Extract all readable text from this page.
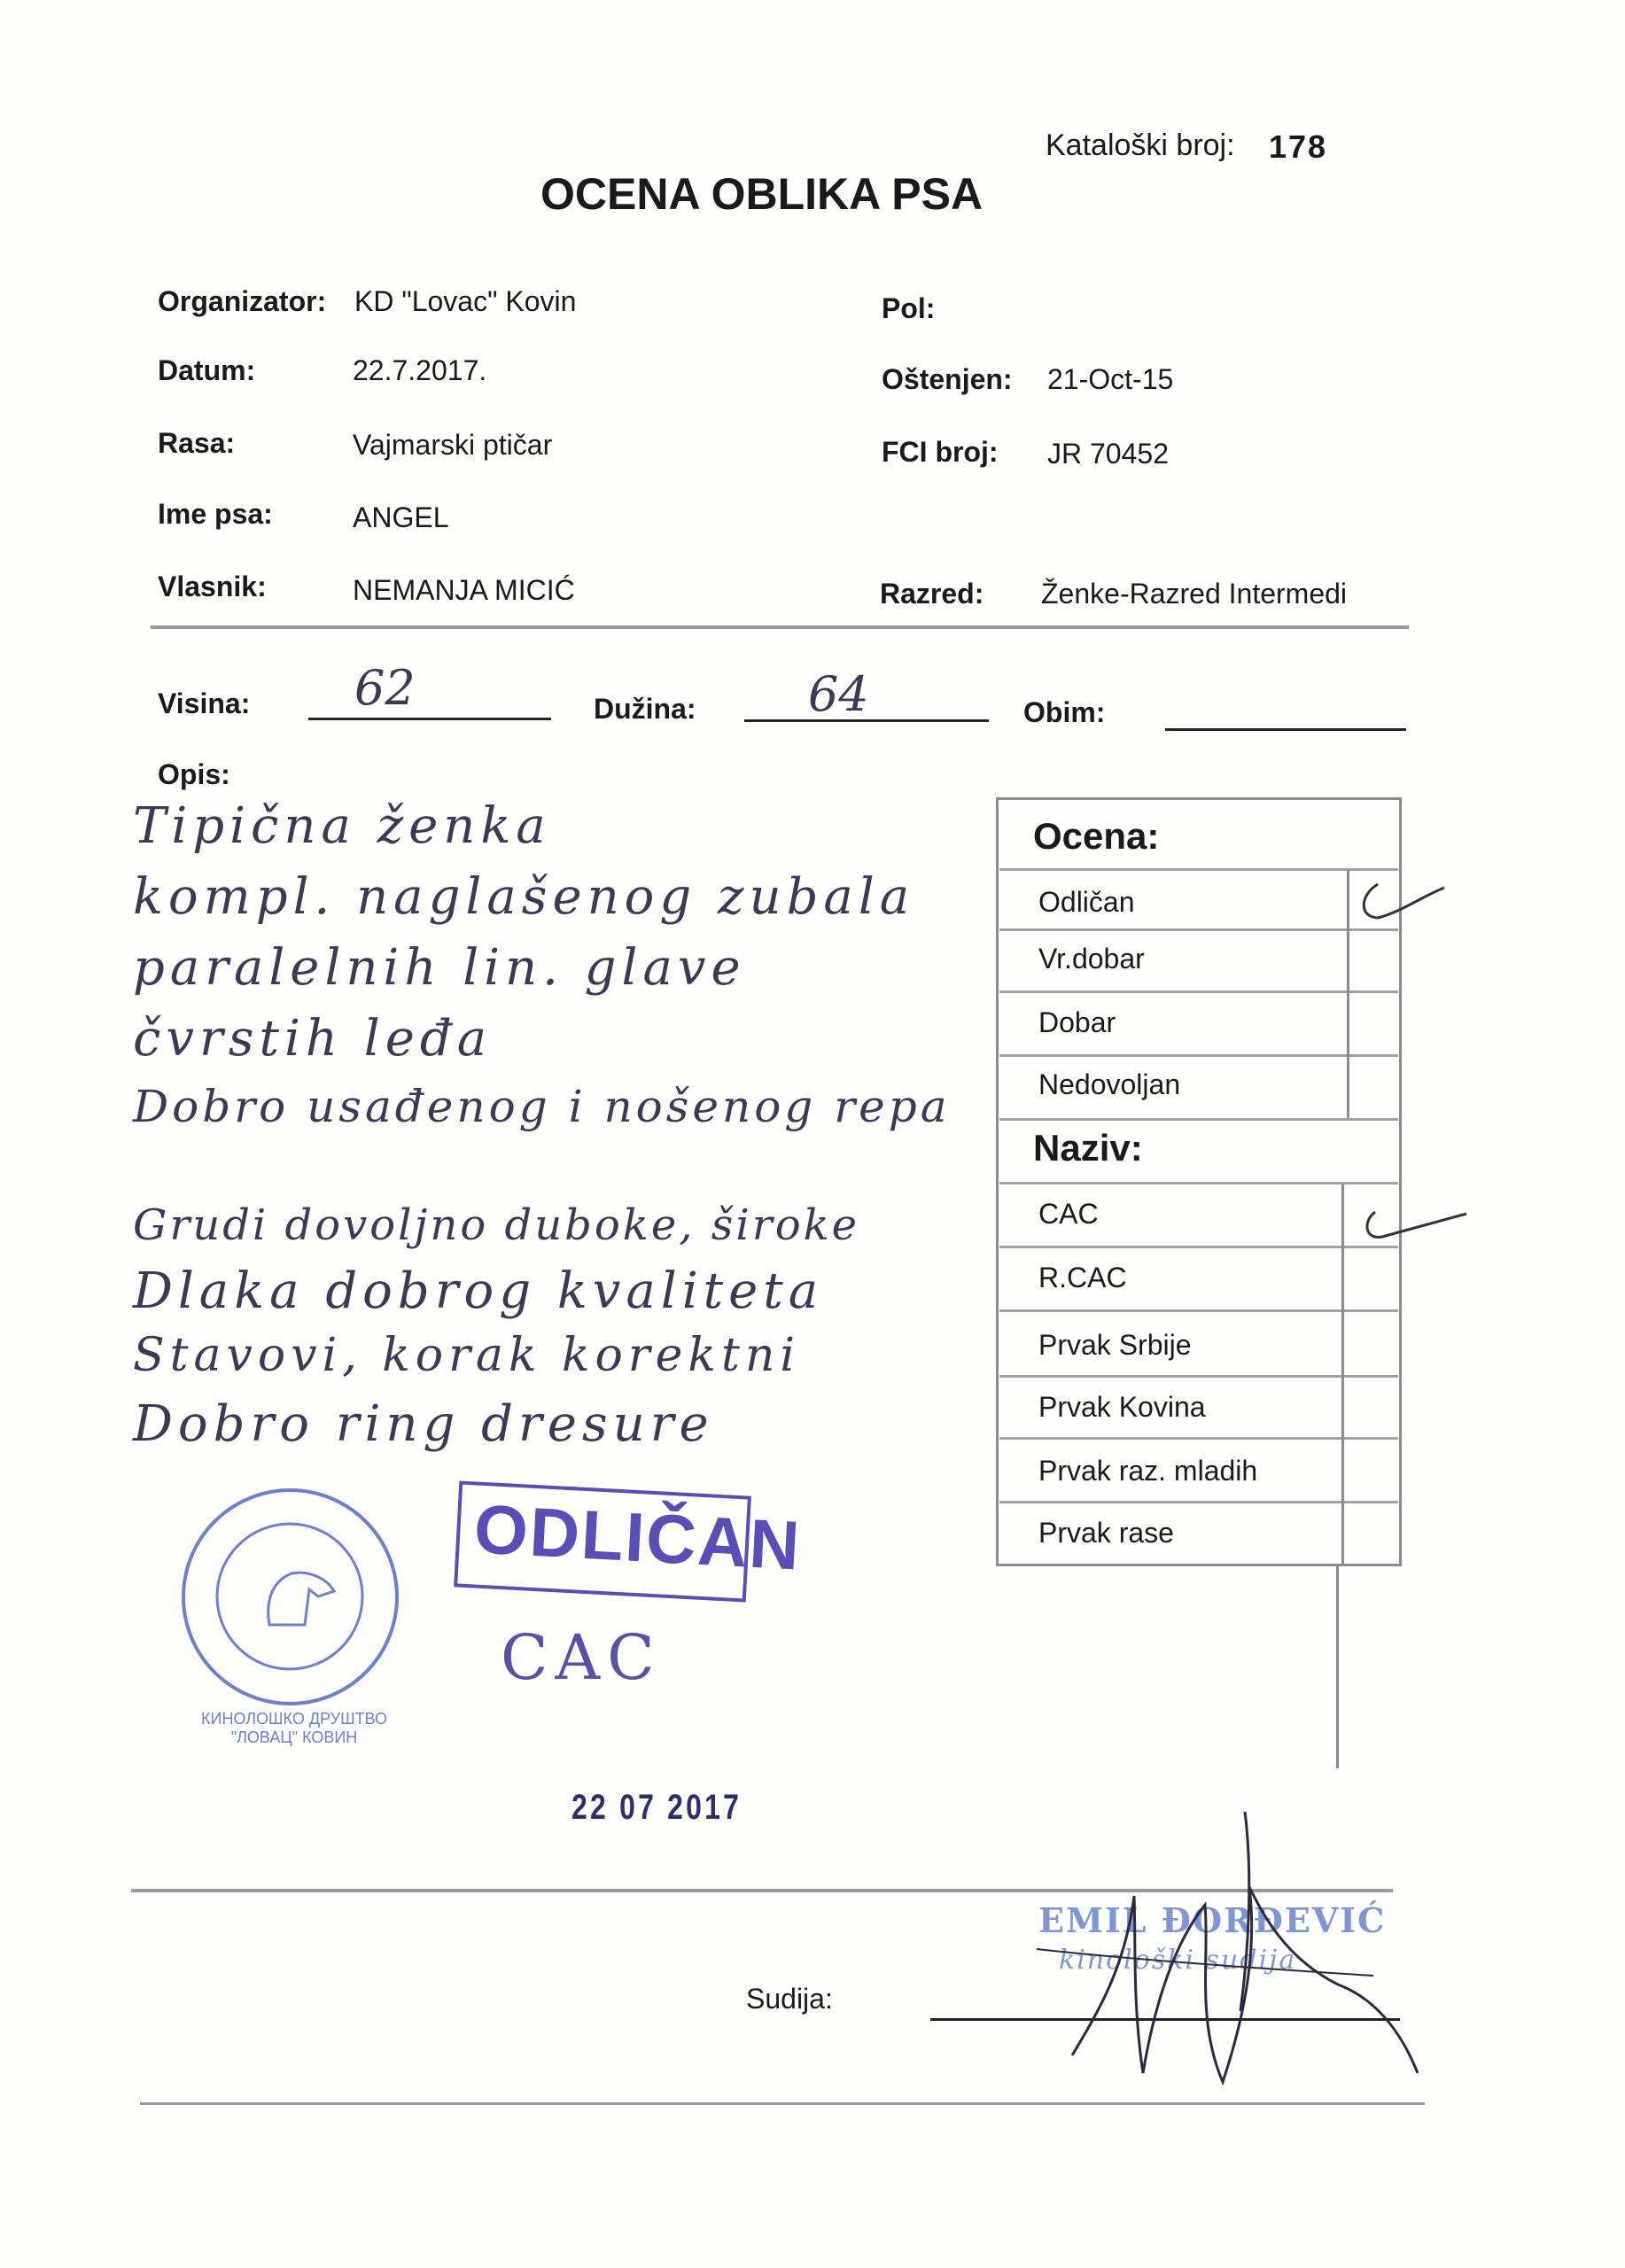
Kataloški broj: 178
OCENA OBLIKA PSA
Organizator: KD "Lovac" Kovin	Pol:
Datum:	22.7.2017.	Oštenjen: 21-Oct-15
Rasa:	Vajmarski ptičar	FCI broj: JR 70452
Ime psa:	ANGEL
Vlasnik:	NEMANJA MICIĆ	Razred: Ženke-Razred Intermedi
Visina: 62	Dužina: 64	Obim:
Opis:
Tipična ženka
kompl. naglašenog zubala
paralelnih lin. glave
čvrstih leđa
Dobro usađenog i nošenog repa
Grudi dovoljno duboke, široke
Dlaka dobrog kvaliteta
Stavovi, korak korektni
Dobro ring dresure
Ocena:
Odličan
Vr.dobar
Dobar
Nedovoljan
Naziv:
CAC
R.CAC
Prvak Srbije
Prvak Kovina
Prvak raz. mladih
Prvak rase
КИНОЛОШКО ДРУШТВО "ЛОВАЦ" КОВИН
ODLIČAN
CAC
22 07 2017
EMIL ĐORĐEVIĆ
kinološki sudija
Sudija:
